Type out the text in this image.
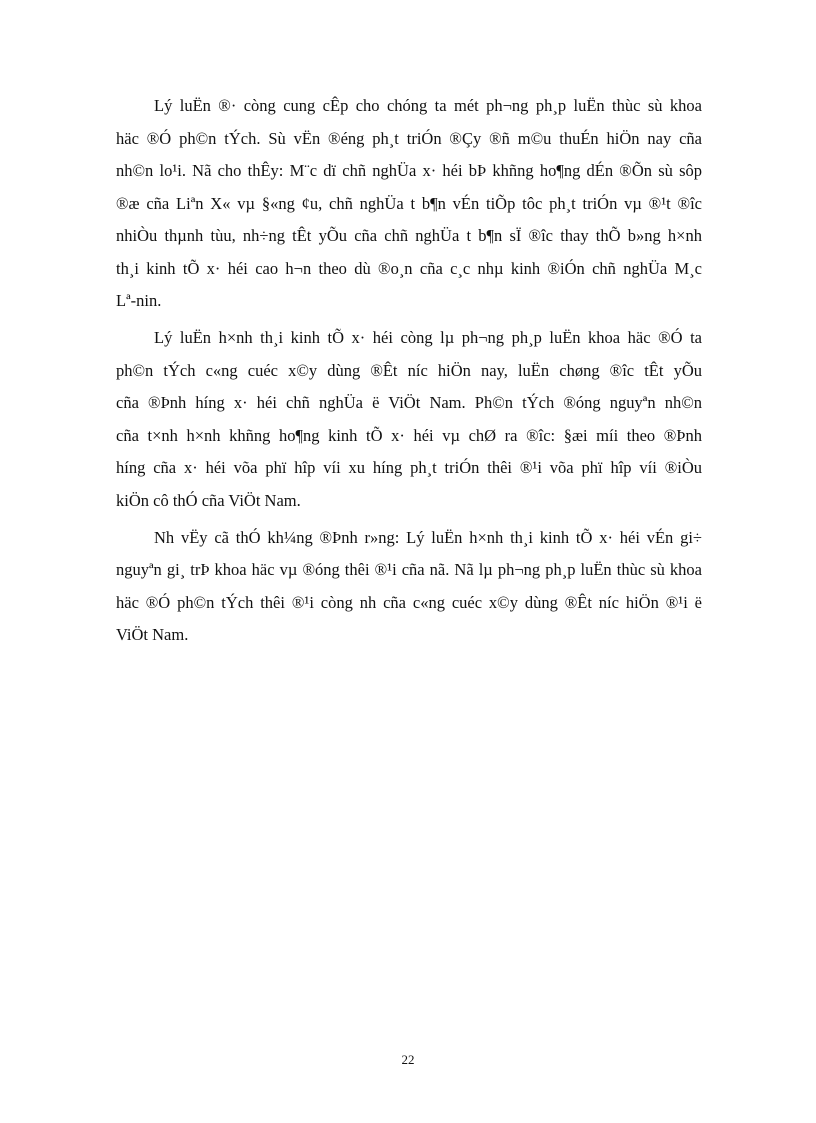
Lý luËn ®· còng cung cÊp cho chóng ta mét ph¬ng ph¸p luËn thùc sù khoa
häc ®Ó ph©n tÝch. Sù vËn ®éng ph¸t triÓn ®Çy ®ñ m©u thuÉn hiÖn nay cña
nh©n lo¹i. Nã cho thÊy: M¨c dï chñ nghÜa x· héi bÞ khñng ho¶ng dÉn ®Õn sù sôp
®æ cña Liªn X« vµ §«ng ¢u, chñ nghÜa t b¶n vÉn tiÕp tôc ph¸t triÓn vµ ®¹t ®îc
nhiÒu thµnh tùu, nh÷ng tÊt yÕu cña chñ nghÜa t b¶n sÏ ®îc thay thÕ b»ng h×nh
th¸i kinh tÕ x· héi cao h¬n theo dù ®o¸n cña c¸c nhµ kinh ®iÓn chñ nghÜa M¸c
Lª-nin.

Lý luËn h×nh th¸i kinh tÕ x· héi còng lµ ph¬ng ph¸p luËn khoa häc ®Ó ta
ph©n tÝch c«ng cuéc x©y dùng ®Êt níc hiÖn nay, luËn chøng ®îc tÊt yÕu
cña ®Þnh híng x· héi chñ nghÜa ë ViÖt Nam. Ph©n tÝch ®óng nguyªn nh©n
cña t×nh h×nh khñng ho¶ng kinh tÕ x· héi vµ chØ ra ®îc: §æi míi theo ®Þnh
híng cña x· héi võa phï hîp víi xu híng ph¸t triÓn thêi ®¹i võa phï hîp víi ®iÒu
kiÖn cô thÓ cña ViÖt Nam.

Nh vËy cã thÓ kh¼ng ®Þnh r»ng: Lý luËn h×nh th¸i kinh tÕ x· héi vÉn gi÷
nguyªn gi¸ trÞ khoa häc vµ ®óng thêi ®¹i cña nã. Nã lµ ph¬ng ph¸p luËn thùc sù khoa
häc ®Ó ph©n tÝch thêi ®¹i còng nh cña c«ng cuéc x©y dùng ®Êt níc hiÖn ®¹i ë
ViÖt Nam.

22
